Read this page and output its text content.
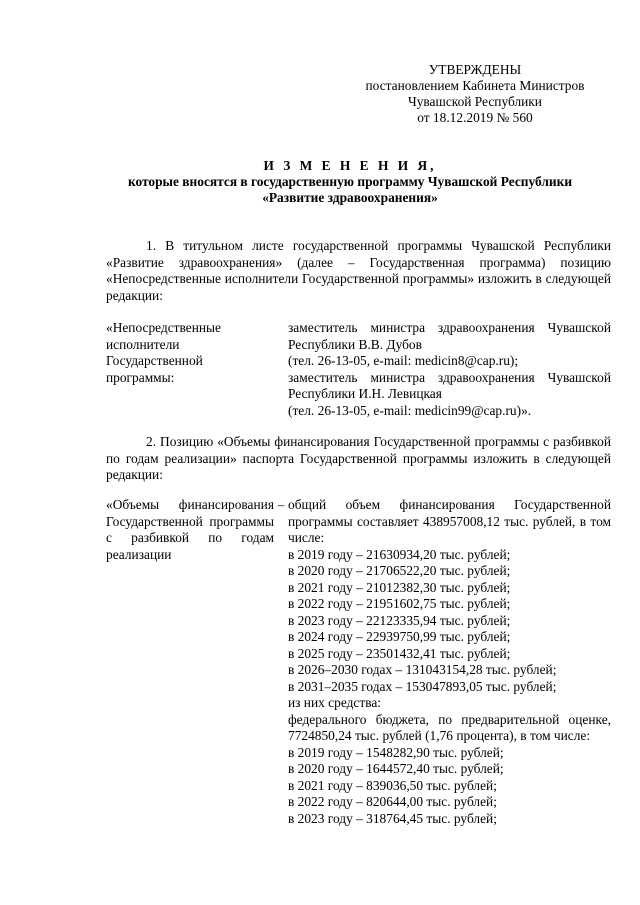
УТВЕРЖДЕНЫ
постановлением Кабинета Министров
Чувашской Республики
от 18.12.2019 № 560
И З М Е Н Е Н И Я,
которые вносятся в государственную программу Чувашской Республики
«Развитие здравоохранения»
1. В титульном листе государственной программы Чувашской Республики «Развитие здравоохранения» (далее – Государственная программа) позицию «Непосредственные исполнители Государственной программы» изложить в следующей редакции:
«Непосредственные исполнители Государственной программы:
заместитель министра здравоохранения Чувашской Республики В.В. Дубов
(тел. 26-13-05, e-mail: medicin8@cap.ru);
заместитель министра здравоохранения Чувашской Республики И.Н. Левицкая
(тел. 26-13-05, e-mail: medicin99@cap.ru)».
2. Позицию «Объемы финансирования Государственной программы с разбивкой по годам реализации» паспорта Государственной программы изложить в следующей редакции:
«Объемы финансирования Государственной программы с разбивкой по годам реализации
– общий объем финансирования Государственной программы составляет 438957008,12 тыс. рублей, в том числе:
в 2019 году – 21630934,20 тыс. рублей;
в 2020 году – 21706522,20 тыс. рублей;
в 2021 году – 21012382,30 тыс. рублей;
в 2022 году – 21951602,75 тыс. рублей;
в 2023 году – 22123335,94 тыс. рублей;
в 2024 году – 22939750,99 тыс. рублей;
в 2025 году – 23501432,41 тыс. рублей;
в 2026–2030 годах – 131043154,28 тыс. рублей;
в 2031–2035 годах – 153047893,05 тыс. рублей;
из них средства:
федерального бюджета, по предварительной оценке, 7724850,24 тыс. рублей (1,76 процента), в том числе:
в 2019 году – 1548282,90 тыс. рублей;
в 2020 году – 1644572,40 тыс. рублей;
в 2021 году – 839036,50 тыс. рублей;
в 2022 году – 820644,00 тыс. рублей;
в 2023 году – 318764,45 тыс. рублей;
